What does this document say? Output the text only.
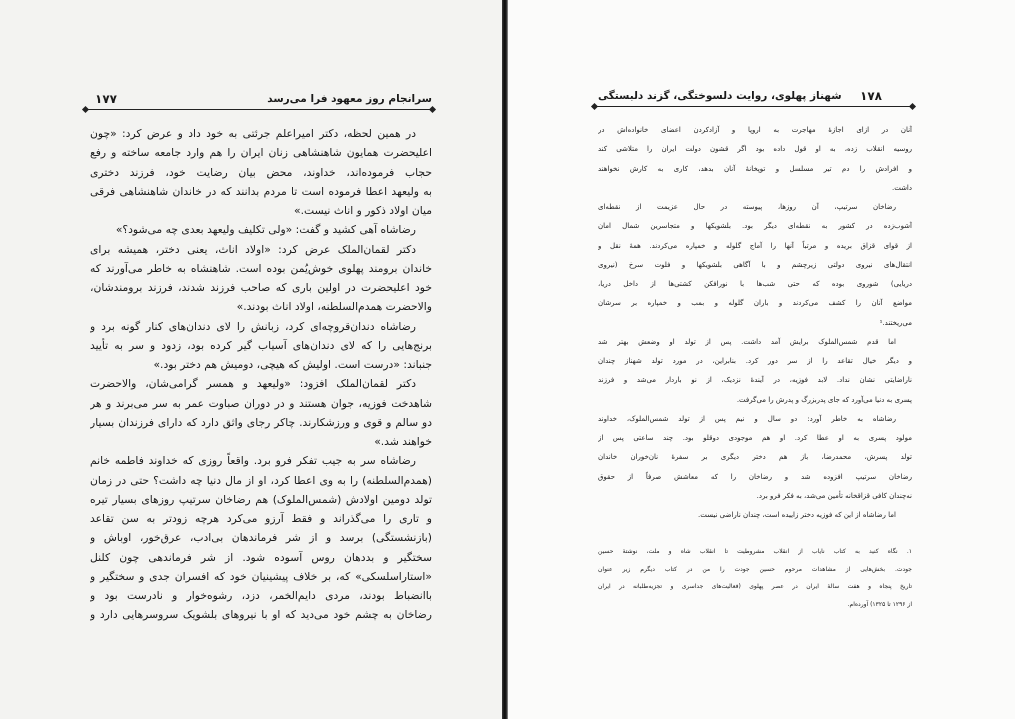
۱۷۷	سرانجام روز معهود فرا می‌رسد
در همین لحظه، دکتر امیراعلم جرئتی به خود داد و عرض کرد: «چون
اعلیحضرت همایون شاهنشاهی زنان ایران را هم وارد جامعه ساخته و رفع
حجاب فرموده‌اند، خداوند، محض بیان رضایت خود، فرزند دختری
به ولیعهد اعطا فرموده است تا مردم بدانند که در خاندان شاهنشاهی فرقی
میان اولاد ذکور و اناث نیست.»
رضاشاه آهی کشید و گفت: «ولی تکلیف ولیعهد بعدی چه می‌شود؟»
دکتر لقمان‌الملک عرض کرد: «اولاد اناث، یعنی دختر، همیشه برای
خاندان برومند پهلوی خوش‌یُمن بوده است. شاهنشاه به خاطر می‌آورند که
خود اعلیحضرت در اولین باری که صاحب فرزند شدند، فرزند برومندشان،
والاحضرت همدم‌السلطنه، اولاد اناث بودند.»
رضاشاه دندان‌قروچه‌ای کرد، زبانش را لای دندان‌های کنار گونه برد و
برنج‌هایی را که لای دندان‌های آسیاب گیر کرده بود، زدود و سر به تأیید
جنباند: «درست است. اولیش که هیچی، دومیش هم دختر بود.»
دکتر لقمان‌الملک افزود: «ولیعهد و همسر گرامی‌شان، والاحضرت
شاهدخت فوزیه، جوان هستند و در دوران صباوت عمر به سر می‌برند و هر
دو سالم و قوی و ورزشکارند. چاکر رجای واثق دارد که دارای فرزندان بسیار
خواهند شد.»
رضاشاه سر به جیب تفکر فرو برد. واقعاً روزی که خداوند فاطمه خانم
(همدم‌السلطنه) را به وی اعطا کرد، او از مال دنیا چه داشت؟ حتی در زمان
تولد دومین اولادش (شمس‌الملوک) هم رضاخان سرتیپ روزهای بسیار تیره
و تاری را می‌گذراند و فقط آرزو می‌کرد هرچه زودتر به سن تقاعد
(بازنشستگی) برسد و از شر فرماندهان بی‌ادب، عرق‌خور، اوباش و
سختگیر و بددهان روس آسوده شود. از شر فرماندهی چون کلنل
«استاراسلسکی» که، بر خلاف پیشینیان خود که افسران جدی و سختگیر و
باانضباط بودند، مردی دایم‌الخمر، دزد، رشوه‌خوار و نادرست بود و
رضاخان به چشم خود می‌دید که او با نیروهای بلشویک سروسرهایی دارد و
۱۷۸
شهناز پهلوی، روایت دلسوختگی، گزند دلبستگی
آنان در ازای اجازهٔ مهاجرت به اروپا و آزادکردن اعضای خانواده‌اش در
روسیه انقلاب زده، به او قول داده بود اگر قشون دولت ایران را متلاشی کند
و افرادش را دم تیر مسلسل و توپخانهٔ آنان بدهد، کاری به کارش نخواهند
داشت.
رضاخان سرتیپ، آن روزها، پیوسته در حال عزیمت از نقطه‌ای
آشوب‌زده در کشور به نقطه‌ای دیگر بود. بلشویکها و متجاسرین شمال امان
از قوای قزاق بریده و مرتباً آنها را آماج گلوله و خمپاره می‌کردند. همهٔ نقل و
انتقال‌های نیروی دولتی زیرچشم و با آگاهی بلشویکها و فلوت سرخ (نیروی
دریایی) شوروی بوده که حتی شب‌ها با نورافکن کشتی‌ها از داخل دریا،
مواضع آنان را کشف می‌کردند و باران گلوله و بمب و خمپاره بر سرشان
می‌ریختند.¹
اما قدم شمس‌الملوک برایش آمد داشت. پس از تولد او وضعش بهتر شد
و دیگر خیال تقاعد را از سر دور کرد. بنابراین، در مورد تولد شهناز چندان
ناراضایتی نشان نداد. لابد فوزیه، در آیندهٔ نزدیک، از نو باردار می‌شد و فرزند
پسری به دنیا می‌آورد که جای پدربزرگ و پدرش را می‌گرفت.
رضاشاه به خاطر آورد: دو سال و نیم پس از تولد شمس‌الملوک، خداوند
مولود پسری به او عطا کرد. او هم موجودی دوقلو بود. چند ساعتی پس از
تولد پسرش، محمدرضا، باز هم دختر دیگری بر سفرهٔ نان‌خوران خاندان
رضاخان سرتیپ افزوده شد و رضاخان را که معاشش صرفاً از حقوق
نه‌چندان کافی قزاقخانه تأمین می‌شد، به فکر فرو برد.
اما رضاشاه از این که فوزیه دختر زاییده است، چندان ناراضی نیست.
۱. نگاه کنید به کتاب نایاب از انقلاب مشروطیت تا انقلاب شاه و ملت، نوشتهٔ حسین
جودت. بخش‌هایی از مشاهدات مرحوم حسین جودت را من در کتاب دیگرم زیر عنوان
تاریخ پنجاه و هفت سالهٔ ایران در عصر پهلوی (فعالیت‌های جداسری و تجزیه‌طلبانه در ایران
از ۱۲۹۶ تا ۱۳۲۵) آورده‌ام.
